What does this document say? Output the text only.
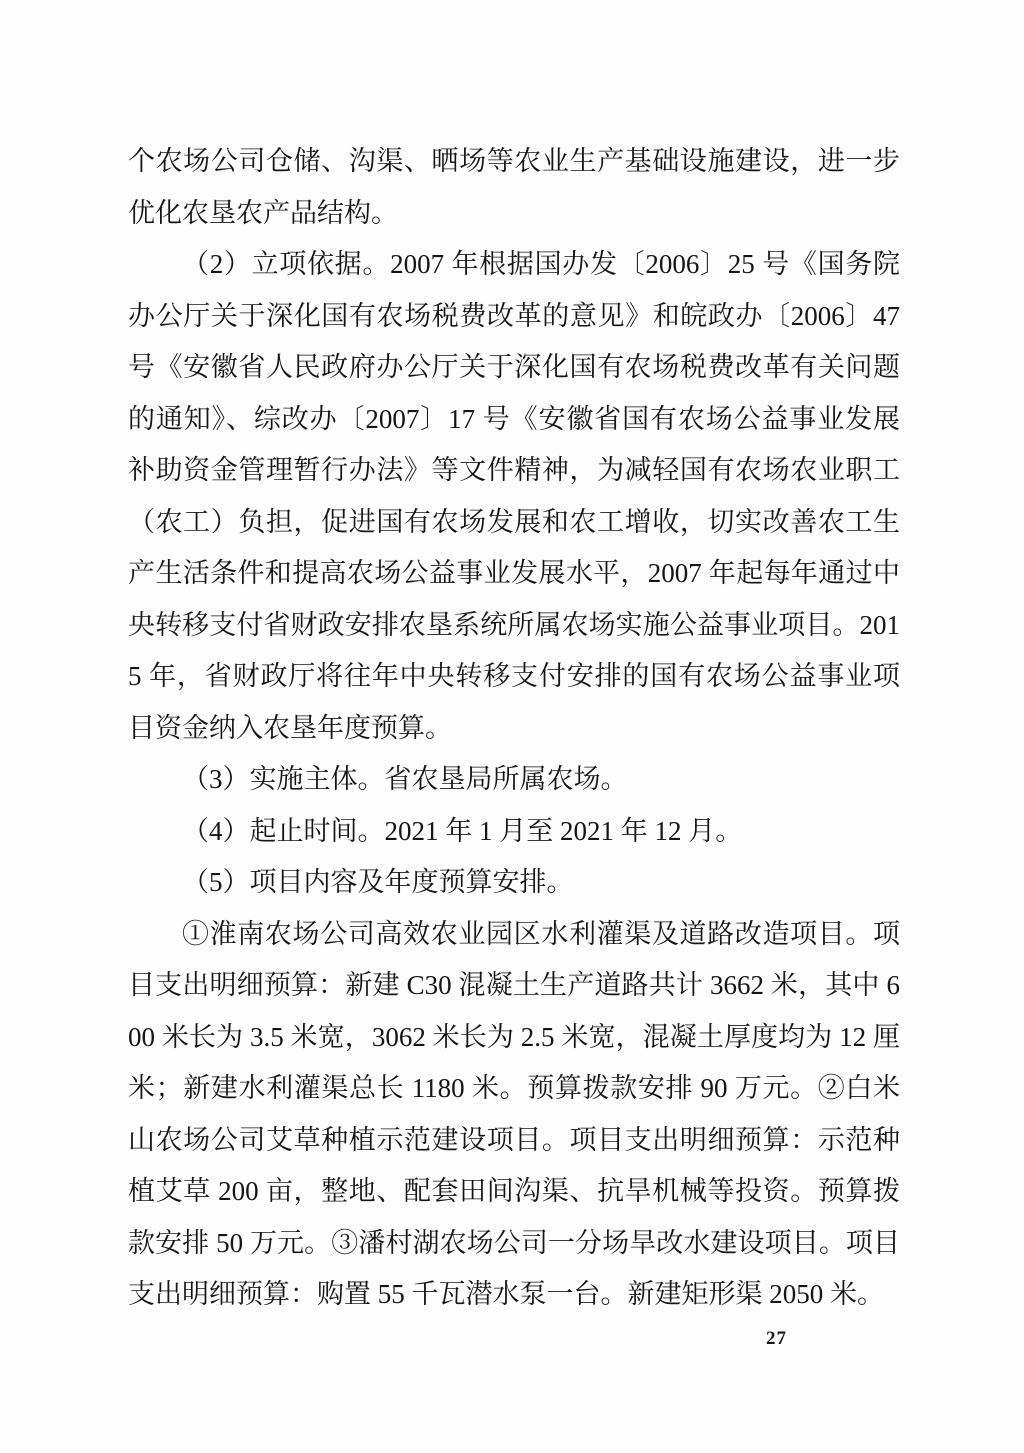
个农场公司仓储、沟渠、晒场等农业生产基础设施建设，进一步优化农垦农产品结构。

（2）立项依据。2007 年根据国办发〔2006〕25 号《国务院办公厅关于深化国有农场税费改革的意见》和皖政办〔2006〕47 号《安徽省人民政府办公厅关于深化国有农场税费改革有关问题的通知》、综改办〔2007〕17 号《安徽省国有农场公益事业发展补助资金管理暂行办法》等文件精神，为减轻国有农场农业职工（农工）负担，促进国有农场发展和农工增收，切实改善农工生产生活条件和提高农场公益事业发展水平，2007 年起每年通过中央转移支付省财政安排农垦系统所属农场实施公益事业项目。2015 年，省财政厅将往年中央转移支付安排的国有农场公益事业项目资金纳入农垦年度预算。

（3）实施主体。省农垦局所属农场。

（4）起止时间。2021 年 1 月至 2021 年 12 月。

（5）项目内容及年度预算安排。

①淮南农场公司高效农业园区水利灌渠及道路改造项目。项目支出明细预算：新建 C30 混凝土生产道路共计 3662 米，其中 600 米长为 3.5 米宽，3062 米长为 2.5 米宽，混凝土厚度均为 12 厘米；新建水利灌渠总长 1180 米。预算拨款安排 90 万元。②白米山农场公司艾草种植示范建设项目。项目支出明细预算：示范种植艾草 200 亩，整地、配套田间沟渠、抗旱机械等投资。预算拨款安排 50 万元。③潘村湖农场公司一分场旱改水建设项目。项目支出明细预算：购置 55 千瓦潜水泵一台。新建矩形渠 2050 米。

27
